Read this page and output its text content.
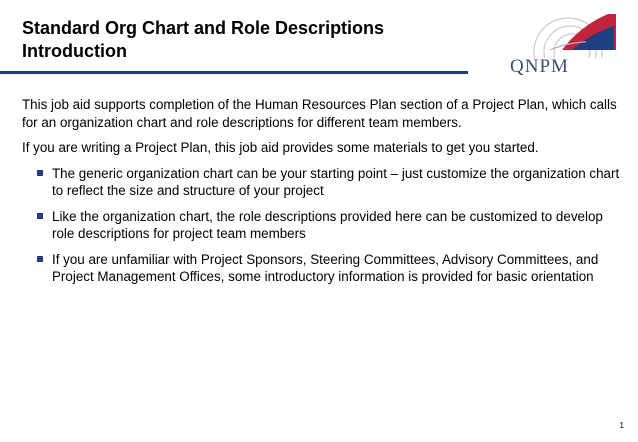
Standard Org Chart and Role Descriptions
Introduction
QNPM

This job aid supports completion of the Human Resources Plan section of a Project Plan, which calls for an organization chart and role descriptions for different team members.

If you are writing a Project Plan, this job aid provides some materials to get you started.

The generic organization chart can be your starting point – just customize the organization chart to reflect the size and structure of your project
Like the organization chart, the role descriptions provided here can be customized to develop role descriptions for project team members
If you are unfamiliar with Project Sponsors, Steering Committees, Advisory Committees, and Project Management Offices, some introductory information is provided for basic orientation
1
